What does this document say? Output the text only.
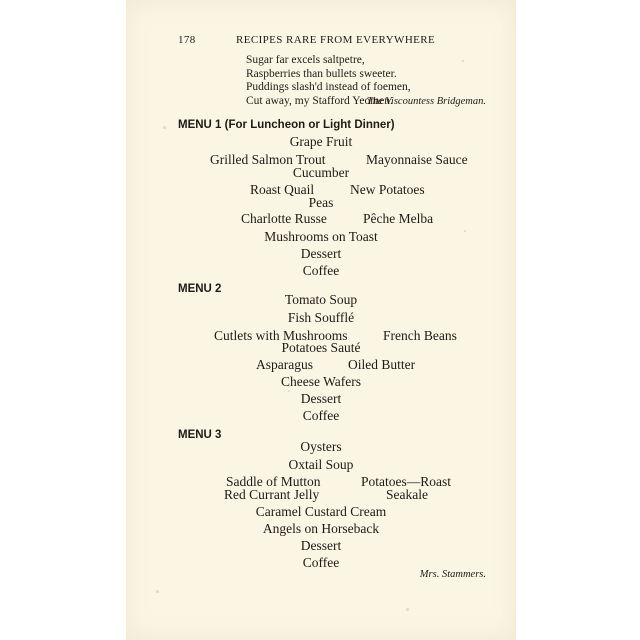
178	RECIPES RARE FROM EVERYWHERE
Sugar far excels saltpetre,
Raspberries than bullets sweeter.
Puddings slash'd instead of foemen,
Cut away, my Stafford Yeomen.
The Viscountess Bridgeman.
MENU 1 (For Luncheon or Light Dinner)
Grape Fruit
Grilled Salmon Trout	Mayonnaise Sauce
Cucumber
Roast Quail	New Potatoes
Peas
Charlotte Russe	Pêche Melba
Mushrooms on Toast
Dessert
Coffee
MENU 2
Tomato Soup
Fish Soufflé
Cutlets with Mushrooms	French Beans
Potatoes Sauté
Asparagus	Oiled Butter
Cheese Wafers
Dessert
Coffee
MENU 3
Oysters
Oxtail Soup
Saddle of Mutton	Potatoes—Roast
Red Currant Jelly	Seakale
Caramel Custard Cream
Angels on Horseback
Dessert
Coffee
Mrs. Stammers.
